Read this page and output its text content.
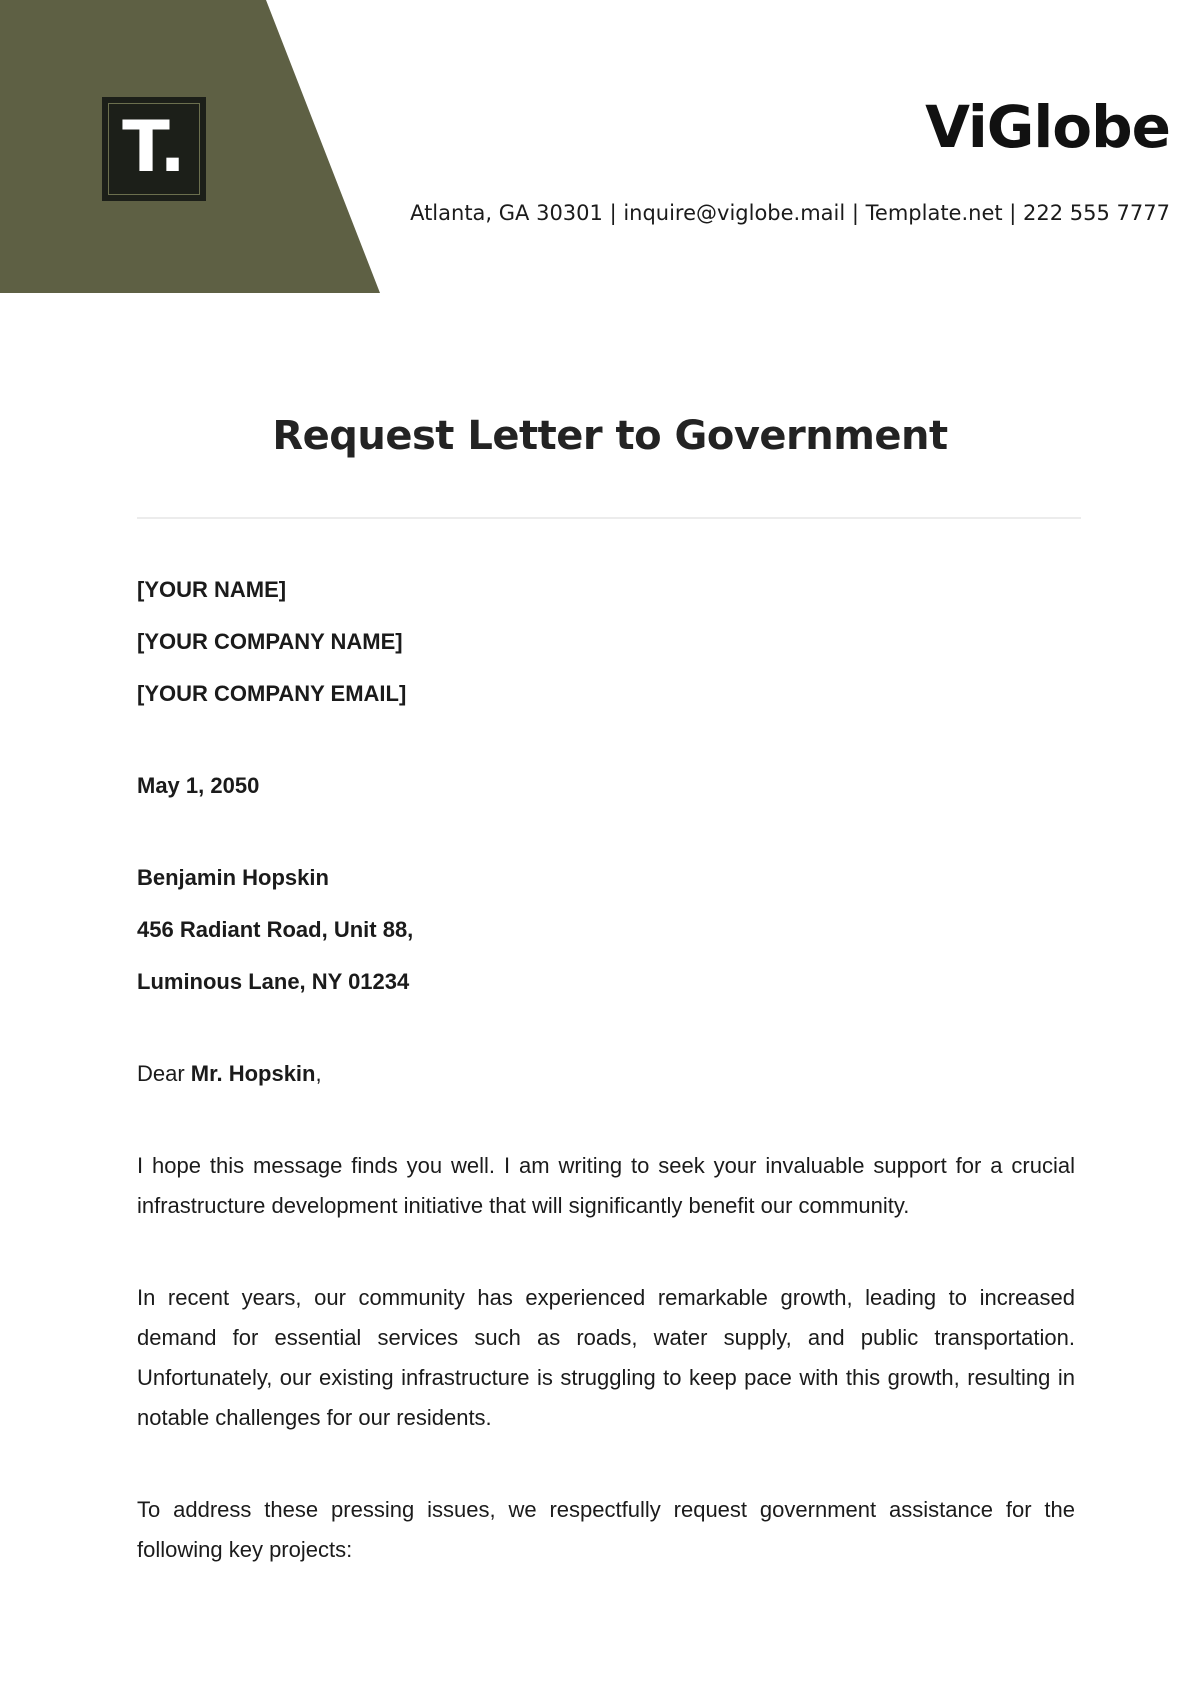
T.	ViGlobe
Atlanta, GA 30301 | inquire@viglobe.mail | Template.net | 222 555 7777
Request Letter to Government
[YOUR NAME]
[YOUR COMPANY NAME]
[YOUR COMPANY EMAIL]
May 1, 2050
Benjamin Hopskin
456 Radiant Road, Unit 88,
Luminous Lane, NY 01234
Dear Mr. Hopskin,

I hope this message finds you well. I am writing to seek your invaluable support for a crucial infrastructure development initiative that will significantly benefit our community.

In recent years, our community has experienced remarkable growth, leading to increased demand for essential services such as roads, water supply, and public transportation. Unfortunately, our existing infrastructure is struggling to keep pace with this growth, resulting in notable challenges for our residents.

To address these pressing issues, we respectfully request government assistance for the following key projects:
